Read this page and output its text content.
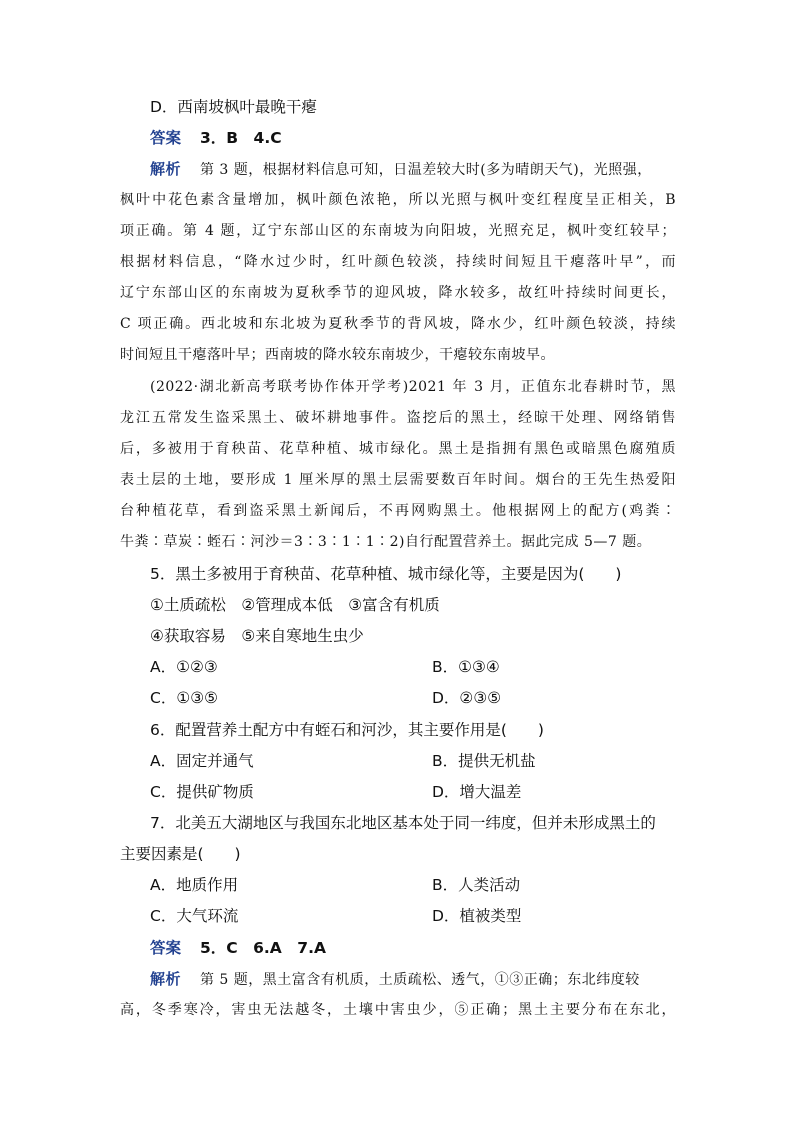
D．西南坡枫叶最晚干瘪
答案 3．B　4.C
解析 第 3 题，根据材料信息可知，日温差较大时(多为晴朗天气)，光照强，
枫叶中花色素含量增加，枫叶颜色浓艳，所以光照与枫叶变红程度呈正相关，B
项正确。第 4 题，辽宁东部山区的东南坡为向阳坡，光照充足，枫叶变红较早；
根据材料信息，“降水过少时，红叶颜色较淡，持续时间短且干瘪落叶早”，而
辽宁东部山区的东南坡为夏秋季节的迎风坡，降水较多，故红叶持续时间更长，
C 项正确。西北坡和东北坡为夏秋季节的背风坡，降水少，红叶颜色较淡，持续
时间短且干瘪落叶早；西南坡的降水较东南坡少，干瘪较东南坡早。
(2022·湖北新高考联考协作体开学考)2021 年 3 月，正值东北春耕时节，黑
龙江五常发生盗采黑土、破坏耕地事件。盗挖后的黑土，经晾干处理、网络销售
后，多被用于育秧苗、花草种植、城市绿化。黑土是指拥有黑色或暗黑色腐殖质
表土层的土地，要形成 1 厘米厚的黑土层需要数百年时间。烟台的王先生热爱阳
台种植花草，看到盗采黑土新闻后，不再网购黑土。他根据网上的配方(鸡粪∶
牛粪∶草炭∶蛭石∶河沙＝3∶3∶1∶1∶2)自行配置营养土。据此完成 5—7 题。
5．黑土多被用于育秧苗、花草种植、城市绿化等，主要是因为(　　)
①土质疏松　②管理成本低　③富含有机质
④获取容易　⑤来自寒地生虫少
A．①②③	B．①③④
C．①③⑤	D．②③⑤
6．配置营养土配方中有蛭石和河沙，其主要作用是(　　)
A．固定并通气	B．提供无机盐
C．提供矿物质	D．增大温差
7．北美五大湖地区与我国东北地区基本处于同一纬度，但并未形成黑土的
主要因素是(　　)
A．地质作用	B．人类活动
C．大气环流	D．植被类型
答案 5．C　6.A　7.A
解析 第 5 题，黑土富含有机质，土质疏松、透气，①③正确；东北纬度较
高，冬季寒冷，害虫无法越冬，土壤中害虫少，⑤正确；黑土主要分布在东北，
